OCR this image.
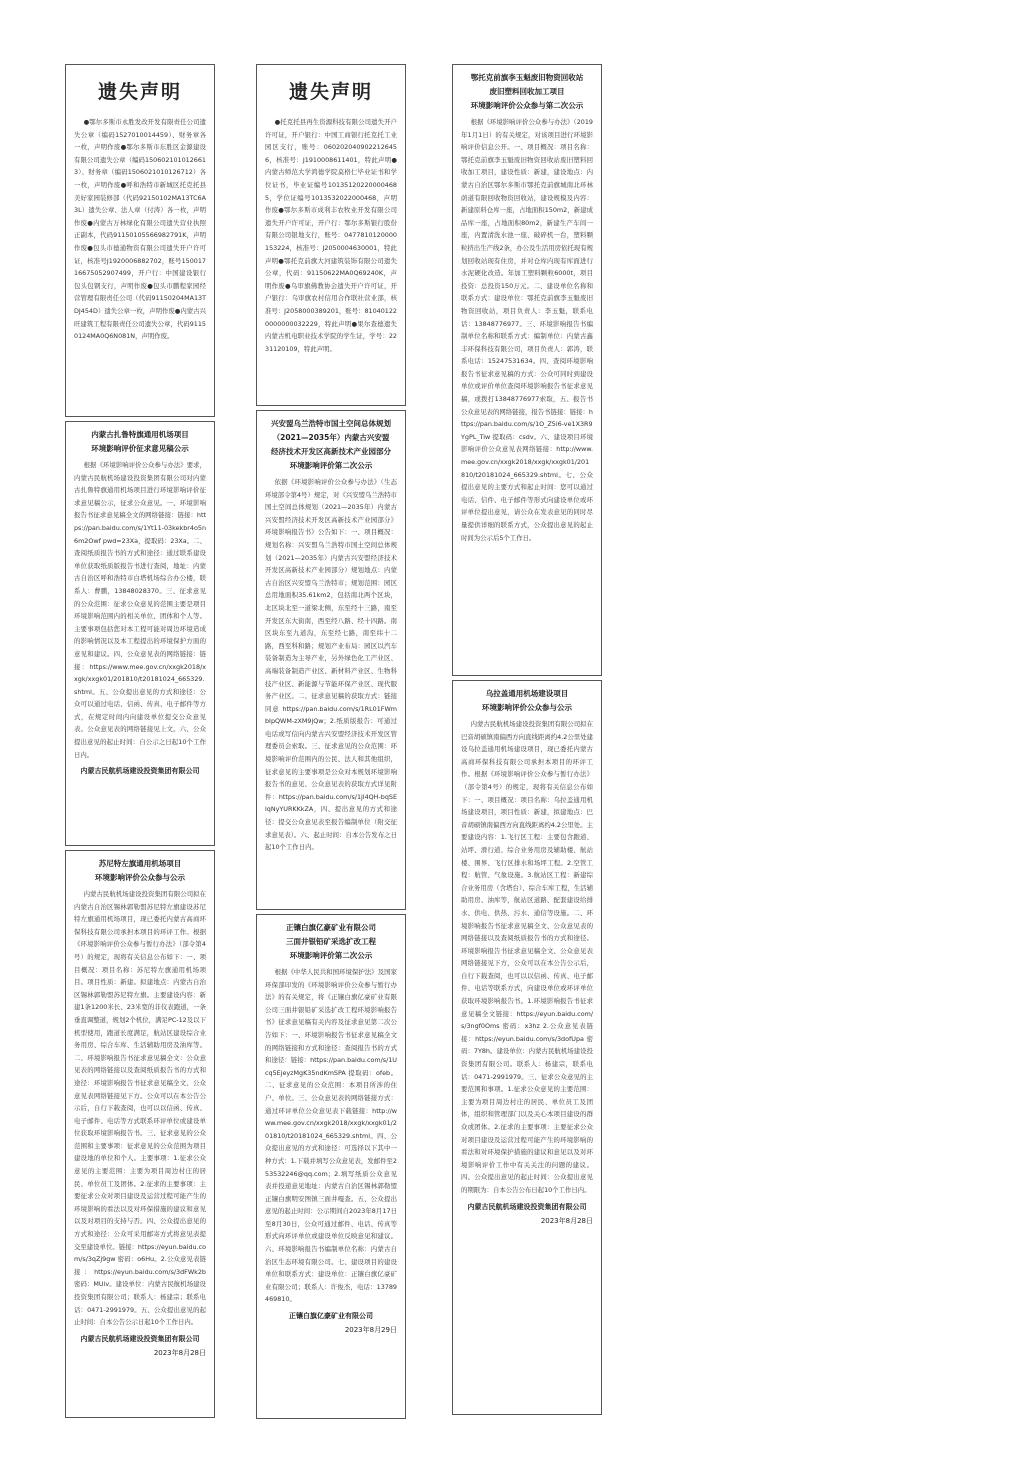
遗失声明

●鄂尔多斯市永胜发改开发有限责任公司遗失公章（编码1527010014459）、财务章各一枚，声明作废●鄂尔多斯市东胜区金源建设有限公司遗失公章（编码1506021010126613）、财务章（编码1506021010126712）各一枚，声明作废●呼和浩特市新城区托克托县美好家园装修部（代码92150102MA13TC6A3L）遗失公章、法人章（付涛）各一枚，声明作废●内蒙古万林绿化有限公司遗失营业执照正副本，代码91150105566982791K，声明作废●包头市德通物资有限公司遗失开户许可证，核准号J1920006882702，账号15001716675052907499，开户行：中国建设银行包头包钢支行，声明作废●包头市鹏程家园经营管理有限责任公司（代码91150204MA13TDJ454D）遗失公章一枚，声明作废●内蒙古兴旺建筑工程有限责任公司遗失公章，代码91150124MA0Q6N081N，声明作废。

内蒙古扎鲁特旗通用机场项目
环境影响评价征求意见稿公示

根据《环境影响评价公众参与办法》要求，内蒙古民航机场建设投资集团有限公司对内蒙古扎鲁特旗通用机场项目进行环境影响评价征求意见稿公示，征求公众意见。一、环境影响报告书征求意见稿全文的网络链接：链接：https://pan.baidu.com/s/1Yt11-03kekbr4o5n6m2Owf pwd=23Xa，提取码：23Xa。二、查阅纸质报告书的方式和途径：通过联系建设单位获取纸质版报告书进行查阅，地址：内蒙古自治区呼和浩特市白塔机场综合办公楼，联系人：曹鹏，13848028370。三、征求意见的公众范围：征求公众意见的范围主要是项目环境影响范围内的相关单位、团体和个人等。主要事项包括您对本工程可能对周边环境造成的影响情况以及本工程提出的环境保护方面的意见和建议。四、公众意见表的网络链接：链接：https://www.mee.gov.cn/xxgk2018/xxgk/xxgk01/201810/t20181024_665329.shtml。五、公众提出意见的方式和途径：公众可以通过电话、信函、传真、电子邮件等方式，在规定时间内向建设单位提交公众意见表。公众意见表的网络链接见上文。六、公众提出意见的起止时间：自公示之日起10个工作日内。

内蒙古民航机场建设投资集团有限公司
苏尼特左旗通用机场项目
环境影响评价公众参与公示

内蒙古民航机场建设投资集团有限公司拟在内蒙古自治区锡林郭勒盟苏尼特左旗建设苏尼特左旗通用机场项目，现已委托内蒙古高商环保科技有限公司承担本项目的环评工作。根据《环境影响评价公众参与暂行办法》（部令第4号）的规定，现将有关信息公布如下：一、项目概况：项目名称：苏尼特左旗通用机场项目。项目性质：新建。拟建地点：内蒙古自治区锡林郭勒盟苏尼特左旗。主要建设内容：新建1条1200米长、23米宽的非仪表跑道，一条垂直调整道，规划2个机位，满足PC-12及以下机型使用，跑道长度满足，航站区建设综合业务用房、综合车库、生活辅助用房及油库等。二、环境影响报告书征求意见稿全文：公众意见表的网络链接以及查阅纸质报告书的方式和途径：环境影响报告书征求意见稿全文、公众意见表网络链接见下方。公众可以在本公告公示后，自行下载查阅，也可以以信函、传真、电子邮件、电话等方式联系环评单位或建设单位获取环境影响报告书。三、征求意见的公众范围和主要事项：征求意见的公众范围为项目建设地的单位和个人。主要事项：1.征求公众意见的主要范围：主要为项目周边村庄的居民、单位员工及团体。2.征求的主要事项：主要征求公众对项目建设及运营过程可能产生的环境影响的看法以及对环保措施的建议和意见以及对项目的支持与否。四、公众提出意见的方式和途径：公众可采用邮寄方式将意见表提交至建设单位。链接：https://eyun.baidu.com/s/3qZj9gw 密码：o6Hu。2.公众意见表链接：https://eyun.baidu.com/s/3dFWk2b 密码：MUiv。建设单位：内蒙古民航机场建设投资集团有限公司；联系人：杨建宗；联系电话：0471-2991979。五、公众提出意见的起止时间：自本公告公示日起10个工作日内。

内蒙古民航机场建设投资集团有限公司
2023年8月28日
遗失声明

●托克托县再生资源科技有限公司遗失开户许可证，开户银行：中国工商银行托克托工业园区支行，账号：0602020409022126456，核准号：J1910008611401，特此声明●内蒙古师范大学鸿德学院莫格仁毕业证书和学位证书，毕业证编号101351202200004685，学位证编号1013532022000468，声明作废●鄂尔多斯市成利丰农牧业开发有限公司遗失开户许可证，开户行：鄂尔多斯银行股份有限公司银地支行，账号：0477810120000153224，核准号：J2050004630001，特此声明●鄂托克前旗大河建筑装饰有限公司遗失公章，代码：91150622MA0Q69240K，声明作废●乌审旗佛教协会遗失开户许可证，开户银行：乌审旗农村信用合作联社营业部，核准号：J2058000389201，账号：810401220000000032229，特此声明●果尔查德遗失内蒙古机电职业技术学院的学生证，学号：2231120109，特此声明。

兴安盟乌兰浩特市国土空间总体规划
（2021—2035年）内蒙古兴安盟
经济技术开发区高新技术产业园部分
环境影响评价第二次公示

依据《环境影响评价公众参与办法》（生态环境部令第4号）规定，对《兴安盟乌兰浩特市国土空间总体规划（2021—2035年）内蒙古兴安盟经济技术开发区高新技术产业园部分》环境影响报告书》公告如下：一、项目概况：规划名称：兴安盟乌兰浩特市国土空间总体规划（2021—2035年）内蒙古兴安盟经济技术开发区高新技术产业园部分）规划地点：内蒙古自治区兴安盟乌兰浩特市；规划范围：园区总用地面积35.61km2，包括南北两个区块，北区块北至一道梁北侧，东至经十三路，南至开发区东大街南，西至经八路、经十四路。南区块东至九道沟，东至经七路，南至纬十二路，西至科和路；规划产业布局：园区以汽车装备制造为主导产业，另外绿色化工产业区、高端装备制造产业区、新材料产业区、生物科技产业区、新能源与节能环保产业区、现代服务产业区。二、征求意见稿的获取方式：链接同意 https://pan.baidu.com/s/1RL01FWmbIpQWM-zXM9jQw；2.纸质版报告：可通过电话或写信向内蒙古兴安盟经济技术开发区管理委员会索取。三、征求意见的公众范围：环境影响评价范围内的公民、法人和其他组织，征求意见的主要事项是公众对本规划环境影响报告书的意见、公众意见表的获取方式详见附件：https://pan.baidu.com/s/1jl4QH-bqSElqNyYURKKkZA，四、提出意见的方式和途径：提交公众意见表至报告编制单位（附交征求意见表）。六、起止时间：自本公告发布之日起10个工作日内。

正镶白旗亿豪矿业有限公司
三面井银铅矿采选扩改工程
环境影响评价第二次公示

根据《中华人民共和国环境保护法》及国家环保部印发的《环境影响评价公众参与暂行办法》的有关规定，将《正镶白旗亿豪矿业有限公司三面井银铅矿采选扩改工程环境影响报告书》征求意见稿有关内容及征求意见第二次公告如下：一、环境影响报告书征求意见稿全文的网络链接和方式和途径：查阅报告书的方式和途径：链接：https://pan.baidu.com/s/1Ucq5EjeyzMgK35ndKmSPA 提取码：ofeb。二、征求意见的公众范围：本项目所涉的住户、单位。三、公众意见表的网络链接方式：通过环评单位公众意见表下载链接：http://www.mee.gov.cn/xxgk2018/xxgk/xxgk01/201810/t20181024_665329.shtml。四、公众提出意见的方式和途径：可选择以下其中一种方式：1.下载并填写公众意见表，发邮件至253532246@qq.com；2.填写纸质公众意见表并投递意见地址：内蒙古自治区锡林郭勒盟正镶白旗明安图镇三面井嘎查。五、公众提出意见的起止时间：公示期间自2023年8月17日至8月30日，公众可通过邮件、电话、传真等形式向环评单位或建设单位反映意见和建议。六、环境影响报告书编制单位名称：内蒙古自治区生态环境有限公司。七、建设项目的建设单位和联系方式：建设单位：正镶白旗亿豪矿业有限公司；联系人：许俊杰，电话：13789469810。

正镶白旗亿豪矿业有限公司
2023年8月29日
鄂托克前旗李玉魁废旧物资回收站
废旧塑料回收加工项目
环境影响评价公众参与第二次公示

根据《环境影响评价公众参与办法》（2019年1月1日）的有关规定，对该项目进行环境影响评价信息公开。一、项目概况：项目名称：鄂托克前旗李玉魁废旧物资回收站废旧塑料回收加工项目，建设性质：新建，建设地点：内蒙古自治区鄂尔多斯市鄂托克前旗城南北环林荫道有限回收物资回收站，建设规模及内容：新建原料仓库一座，占地面积150m2，新建成品库一座，占地面积80m2，新建生产车间一座，内置清洗水池一座、破碎机一台，塑料颗粒挤出生产线2条，办公及生活用房依托现有规划回收站现有住房，并对仓库内现有库面进行水泥硬化改造。年加工塑料颗粒6000t，项目投资：总投资150万元。二、建设单位名称和联系方式：建设单位：鄂托克前旗李玉魁废旧物资回收站，项目负责人：李玉魁，联系电话：13848776977。三、环境影响报告书编制单位名称和联系方式：编制单位：内蒙古鑫丰环保科技有限公司，项目负责人：郭涛，联系电话：15247531634。四、查阅环境影响报告书征求意见稿的方式：公众可同时到建设单位或评价单位查阅环境影响报告书征求意见稿，或拨打13848776977索取，五、报告书公众意见表的网络链接，报告书链接：链接：https://pan.baidu.com/s/1O_Z5i6-ve1X3R9YgPL_Tiw 提取码：csdv。六、建设项目环境影响评价公众意见表网络链接：http://www.mee.gov.cn/xxgk2018/xxgk/xxgk01/201810/t20181024_665329.shtml。七、公众提出意见的主要方式和起止时间：您可以通过电话、信件、电子邮件等形式向建设单位或环评单位提出意见，请公众在发表意见的同时尽量提供详细的联系方式，公众提出意见的起止时间为公示后5个工作日。

乌拉盖通用机场建设项目
环境影响评价公众参与公示

内蒙古民航机场建设投资集团有限公司拟在巴音胡硕镇南偏西方向直线距离约4.2公里处建设乌拉盖通用机场建设项目，现已委托内蒙古高商环保科技有限公司承担本项目的环评工作。根据《环境影响评价公众参与暂行办法》（部令第4号）的规定，现将有关信息公布如下：一、项目概况：项目名称：乌拉盖通用机场建设项目，项目性质：新建，拟建地点：巴音胡硕镇南偏西方向直线距离约4.2公里处。主要建设内容：1.飞行区工程：主要包含跑道、站坪、滑行道、综合业务用房及辅助楼、航站楼、围界、飞行区排水和场坪工程。2.空管工程：航管、气象设施。3.航站区工程：新建综合业务用房（含塔台）、综合车库工程，生活辅助用房、油库等，航站区道路、配套建设给排水、供电、供热、污水、通信等设施。二、环境影响报告书征求意见稿全文、公众意见表的网络链接以及查阅纸质报告书的方式和途径。环境影响报告书征求意见稿全文、公众意见表网络链接见下方，公众可以在本公告公示后，自行下载查阅，也可以以信函、传真、电子邮件、电话等联系方式，向建设单位或环评单位获取环境影响报告书。1.环境影响报告书征求意见稿全文链接：https://eyun.baidu.com/s/3ngf0Oms 密码：x3hz 2.公众意见表链接：https://eyun.baidu.com/s/3dofUpa 密码：7Y8h。建设单位：内蒙古民航机场建设投资集团有限公司。联系人：杨建宗，联系电话：0471-2991979。三、征求公众意见的主要范围和事项。1.征求公众意见的主要范围：主要为项目周边村庄的居民、单位员工及团体，组织和管理部门以及关心本项目建设的群众或团体。2.征求的主要事项：主要征求公众对项目建设及运营过程可能产生的环境影响的看法和对环境保护措施的建议和意见以及对环境影响评价工作中有关关注的问题的建议。四、公众提出意见的起止时间：公众提出意见的期限为：自本公告公布日起10个工作日内。

内蒙古民航机场建设投资集团有限公司
2023年8月28日
